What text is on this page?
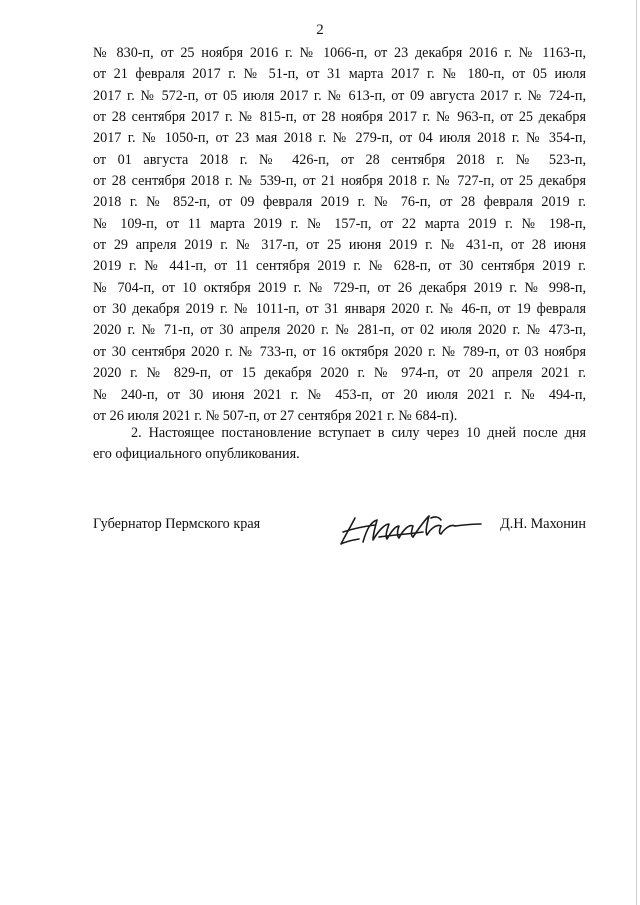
2
№ 830-п, от 25 ноября 2016 г. № 1066-п, от 23 декабря 2016 г. № 1163-п,
от 21 февраля 2017 г. № 51-п, от 31 марта 2017 г. № 180-п, от 05 июля
2017 г. № 572-п, от 05 июля 2017 г. № 613-п, от 09 августа 2017 г. № 724-п,
от 28 сентября 2017 г. № 815-п, от 28 ноября 2017 г. № 963-п, от 25 декабря
2017 г. № 1050-п, от 23 мая 2018 г. № 279-п, от 04 июля 2018 г. № 354-п,
от 01 августа 2018 г. № 426-п, от 28 сентября 2018 г. № 523-п,
от 28 сентября 2018 г. № 539-п, от 21 ноября 2018 г. № 727-п, от 25 декабря
2018 г. № 852-п, от 09 февраля 2019 г. № 76-п, от 28 февраля 2019 г.
№ 109-п, от 11 марта 2019 г. № 157-п, от 22 марта 2019 г. № 198-п,
от 29 апреля 2019 г. № 317-п, от 25 июня 2019 г. № 431-п, от 28 июня
2019 г. № 441-п, от 11 сентября 2019 г. № 628-п, от 30 сентября 2019 г.
№ 704-п, от 10 октября 2019 г. № 729-п, от 26 декабря 2019 г. № 998-п,
от 30 декабря 2019 г. № 1011-п, от 31 января 2020 г. № 46-п, от 19 февраля
2020 г. № 71-п, от 30 апреля 2020 г. № 281-п, от 02 июля 2020 г. № 473-п,
от 30 сентября 2020 г. № 733-п, от 16 октября 2020 г. № 789-п, от 03 ноября
2020 г. № 829-п, от 15 декабря 2020 г. № 974-п, от 20 апреля 2021 г.
№ 240-п, от 30 июня 2021 г. № 453-п, от 20 июля 2021 г. № 494-п,
от 26 июля 2021 г. № 507-п, от 27 сентября 2021 г. № 684-п).
2. Настоящее постановление вступает в силу через 10 дней после дня
его официального опубликования.
Губернатор Пермского края	Д.Н. Махонин
